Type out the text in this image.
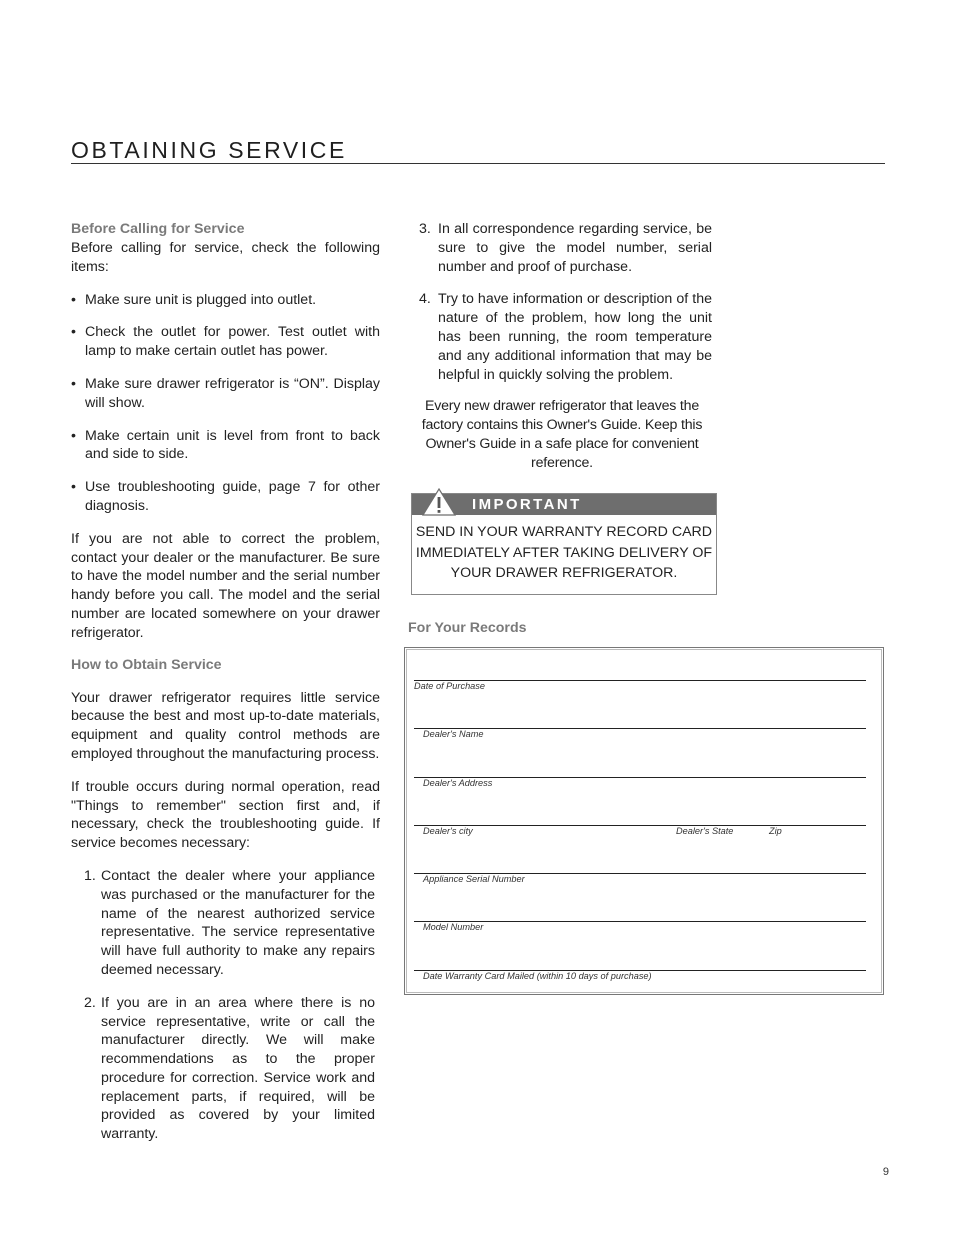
OBTAINING SERVICE
Before Calling for Service

Before calling for service, check the following items:

• Make sure unit is plugged into outlet.
• Check the outlet for power. Test outlet with lamp to make certain outlet has power.
• Make sure drawer refrigerator is “ON”. Display will show.
• Make certain unit is level from front to back and side to side.
• Use troubleshooting guide, page 7 for other diagnosis.

If you are not able to correct the problem, contact your dealer or the manufacturer. Be sure to have the model number and the serial number handy before you call. The model and the serial number are located somewhere on your drawer refrigerator.

How to Obtain Service

Your drawer refrigerator requires little service because the best and most up-to-date materials, equipment and quality control methods are employed throughout the manufacturing process.

If trouble occurs during normal operation, read "Things to remember" section first and, if necessary, check the troubleshooting guide. If service becomes necessary:

1. Contact the dealer where your appliance was purchased or the manufacturer for the name of the nearest authorized service representative. The service representative will have full authority to make any repairs deemed necessary.
2. If you are in an area where there is no service representative, write or call the manufacturer directly. We will make recommendations as to the proper procedure for correction. Service work and replacement parts, if required, will be provided as covered by your limited warranty.
3. In all correspondence regarding service, be sure to give the model number, serial number and proof of purchase.
4. Try to have information or description of the nature of the problem, how long the unit has been running, the room temperature and any additional information that may be helpful in quickly solving the problem.

Every new drawer refrigerator that leaves the factory contains this Owner's Guide. Keep this Owner's Guide in a safe place for convenient reference.

IMPORTANT
SEND IN YOUR WARRANTY RECORD CARD IMMEDIATELY AFTER TAKING DELIVERY OF YOUR DRAWER REFRIGERATOR.
For Your Records
Date of Purchase
Dealer's Name
Dealer's Address
Dealer's city	Dealer's State	Zip
Appliance Serial Number
Model Number
Date Warranty Card Mailed (within 10 days of purchase)
9
